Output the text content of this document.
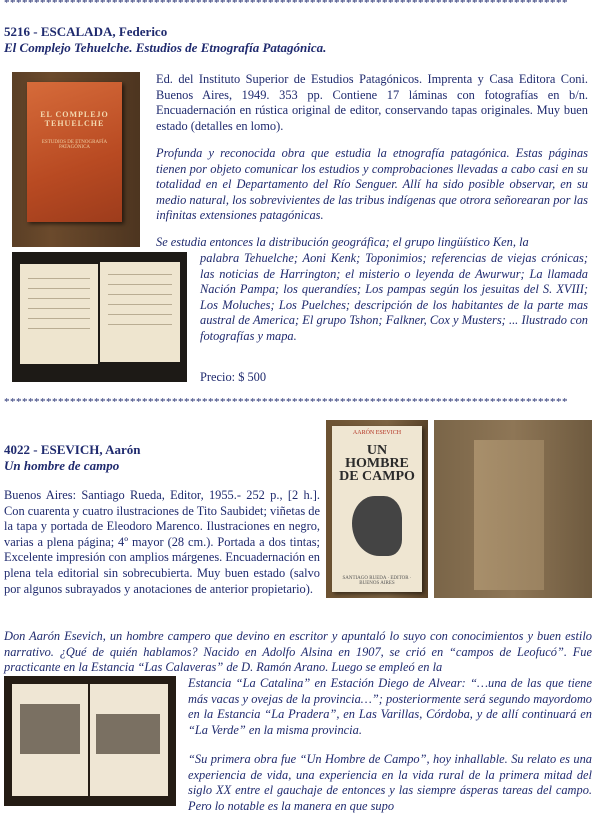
**********************************************************************************************
5216 - ESCALADA, Federico
El Complejo Tehuelche. Estudios de Etnografía Patagónica.
EL COMPLEJO TEHUELCHE
ESTUDIOS DE ETNOGRAFÍA PATAGÓNICA
Ed. del Instituto Superior de Estudios Patagónicos. Imprenta y Casa Editora Coni. Buenos Aires, 1949. 353 pp. Contiene 17 láminas con fotografías en b/n. Encuadernación en rústica original de editor, conservando tapas originales. Muy buen estado (detalles en lomo).
Profunda y reconocida obra que estudia la etnografía patagónica. Estas páginas tienen por objeto comunicar los estudios y comprobaciones llevadas a cabo casi en su totalidad en el Departamento del Río Senguer. Allí ha sido posible observar, en su medio natural, los sobrevivientes de las tribus indígenas que otrora señorearan por las infinitas extensiones patagónicas.
Se estudia entonces la distribución geográfica; el grupo lingüístico Ken, la
palabra Tehuelche; Aoni Kenk; Toponimios; referencias de viejas crónicas; las noticias de Harrington; el misterio o leyenda de Awurwur; La llamada Nación Pampa; los querandíes; Los pampas según los jesuitas del S. XVIII; Los Moluches; Los Puelches; descripción de los habitantes de la parte mas austral de America; El grupo Tshon; Falkner, Cox y Musters; ... Ilustrado con fotografías y mapa.
Precio: $ 500
**********************************************************************************************
4022 - ESEVICH, Aarón
Un hombre de campo
AARÓN ESEVICH
UN HOMBRE DE CAMPO
SANTIAGO RUEDA · EDITOR · BUENOS AIRES
Buenos Aires: Santiago Rueda, Editor, 1955.- 252 p., [2 h.]. Con cuarenta y cuatro ilustraciones de Tito Saubidet; viñetas de la tapa y portada de Eleodoro Marenco. Ilustraciones en negro, varias a plena página; 4º mayor (28 cm.). Portada a dos tintas; Excelente impresión con amplios márgenes. Encuadernación en plena tela editorial sin sobrecubierta. Muy buen estado (salvo por algunos subrayados y anotaciones de anterior propietario).
Don Aarón Esevich, un hombre campero que devino en escritor y apuntaló lo suyo con conocimientos y buen estilo narrativo. ¿Qué de quién hablamos? Nacido en Adolfo Alsina en 1907, se crió en “campos de Leofucó”. Fue practicante en la Estancia “Las Calaveras” de D. Ramón Arano. Luego se empleó en la
Estancia “La Catalina” en Estación Diego de Alvear: “…una de las que tiene más vacas y ovejas de la provincia…”; posteriormente será segundo mayordomo en la Estancia “La Pradera”, en Las Varillas, Córdoba, y de allí continuará en “La Verde” en la misma provincia.
“Su primera obra fue “Un Hombre de Campo”, hoy inhallable. Su relato es una experiencia de vida, una experiencia en la vida rural de la primera mitad del siglo XX entre el gauchaje de entonces y las siempre ásperas tareas del campo. Pero lo notable es la manera en que supo
